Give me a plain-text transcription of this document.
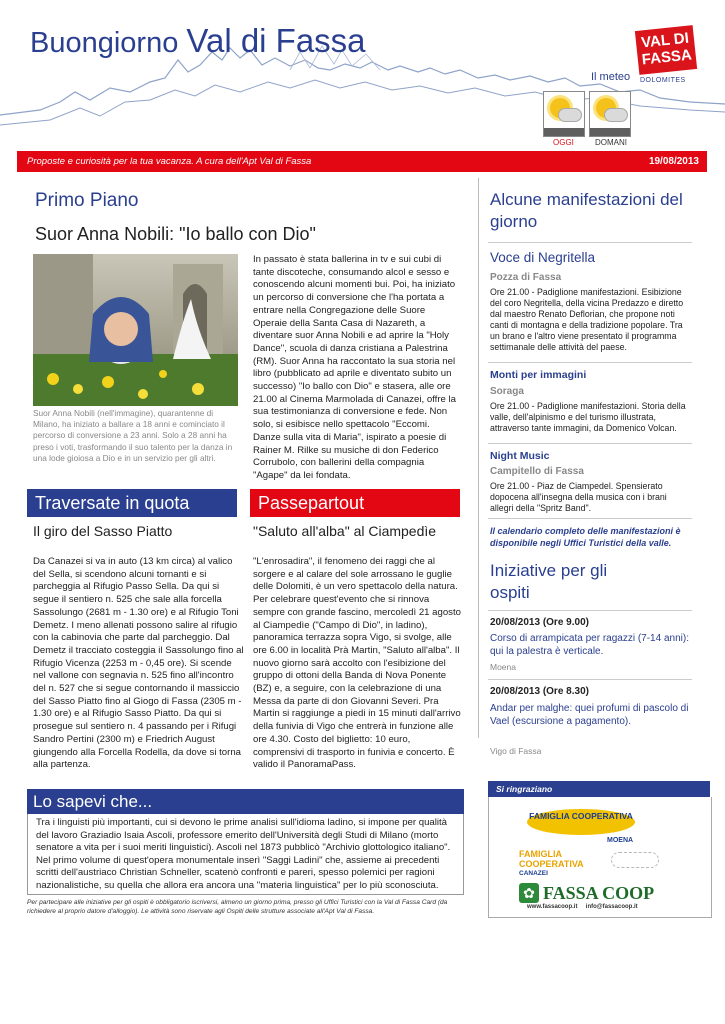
Buongiorno Val di Fassa	VAL DI
FASSA
DOLOMITES
Il meteo
OGGI	DOMANI
Proposte e curiosità per la tua vacanza. A cura dell'Apt Val di Fassa	19/08/2013
Primo Piano
Suor Anna Nobili: "Io ballo con Dio"
Suor Anna Nobili (nell'immagine), quarantenne di Milano, ha iniziato a ballare a 18 anni e cominciato il percorso di conversione a 23 anni. Solo a 28 anni ha preso i voti, trasformando il suo talento per la danza in una lode gioiosa a Dio e in un servizio per gli altri.
In passato è stata ballerina in tv e sui cubi di tante discoteche, consumando alcol e sesso e conoscendo alcuni momenti bui. Poi, ha iniziato un percorso di conversione che l'ha portata a entrare nella Congregazione delle Suore Operaie della Santa Casa di Nazareth, a diventare suor Anna Nobili e ad aprire la "Holy Dance", scuola di danza cristiana a Palestrina (RM). Suor Anna ha raccontato la sua storia nel libro (pubblicato ad aprile e diventato subito un successo) "Io ballo con Dio" e stasera, alle ore 21.00 al Cinema Marmolada di Canazei, offre la sua testimonianza di conversione e fede. Non solo, si esibisce nello spettacolo "Eccomi. Danze sulla vita di Maria", ispirato a poesie di Rainer M. Rilke su musiche di don Federico Corrubolo, con ballerini della compagnia "Agape" da lei fondata.
Traversate in quota	Passepartout
Il giro del Sasso Piatto	"Saluto all'alba" al Ciampedìe
Da Canazei si va in auto (13 km circa) al valico del Sella, si scendono alcuni tornanti e si parcheggia al Rifugio Passo Sella. Da qui si segue il sentiero n. 525 che sale alla forcella Sassolungo (2681 m - 1.30 ore) e al Rifugio Toni Demetz. I meno allenati possono salire al rifugio con la cabinovia che parte dal parcheggio. Dal Demetz il tracciato costeggia il Sassolungo fino al Rifugio Vicenza (2253 m - 0,45 ore). Si scende nel vallone con segnavia n. 525 fino all'incontro del n. 527 che si segue contornando il massiccio del Sasso Piatto fino al Giogo di Fassa (2305 m - 1.30 ore) e al Rifugio Sasso Piatto. Da qui si prosegue sul sentiero n. 4 passando per i Rifugi Sandro Pertini (2300 m) e Friedrich August giungendo alla Forcella Rodella, da dove si torna alla partenza.
"L'enrosadira", il fenomeno dei raggi che al sorgere e al calare del sole arrossano le guglie delle Dolomiti, è un vero spettacolo della natura. Per celebrare quest'evento che si rinnova sempre con grande fascino, mercoledì 21 agosto al Ciampedìe ("Campo di Dio", in ladino), panoramica terrazza sopra Vigo, si svolge, alle ore 6.00 in località Prà Martin, "Saluto all'alba". Il nuovo giorno sarà accolto con l'esibizione del gruppo di ottoni della Banda di Nova Ponente (BZ) e, a seguire, con la celebrazione di una Messa da parte di don Giovanni Severi. Pra Martin si raggiunge a piedi in 15 minuti dall'arrivo della funivia di Vigo che entrerà in funzione alle ore 4.30. Costo del biglietto: 10 euro, comprensivi di trasporto in funivia e concerto. È valido il PanoramaPass.
Alcune manifestazioni del giorno
Voce di Negritella
Pozza di Fassa
Ore 21.00 - Padiglione manifestazioni. Esibizione del coro Negritella, della vicina Predazzo e diretto dal maestro Renato Deflorian, che propone noti canti di montagna e della tradizione popolare. Tra un brano e l'altro viene presentato il programma settimanale delle attività del paese.
Monti per immagini
Soraga
Ore 21.00 - Padiglione manifestazioni. Storia della valle, dell'alpinismo e del turismo illustrata, attraverso tante immagini, da Domenico Volcan.
Night Music
Campitello di Fassa
Ore 21.00 - Piaz de Ciampedel. Spensierato dopocena all'insegna della musica con i brani allegri della "Spritz Band".
Il calendario completo delle manifestazioni è disponibile negli Uffici Turistici della valle.
Iniziative per gli ospiti
20/08/2013 (Ore 9.00)
Corso di arrampicata per ragazzi (7-14 anni): qui la palestra è verticale.
Moena
20/08/2013 (Ore 8.30)
Andar per malghe: quei profumi di pascolo di Vael (escursione a pagamento).
Vigo di Fassa
Si ringraziano
FAMIGLIA COOPERATIVA
MOENA
FAMIGLIA COOPERATIVA
CANAZEI
✿ FASSA COOP
www.fassacoop.it     info@fassacoop.it
Lo sapevi che...
Tra i linguisti più importanti, cui si devono le prime analisi sull'idioma ladino, si impone per qualità del lavoro Graziadio Isaia Ascoli, professore emerito dell'Università degli Studi di Milano (morto senatore a vita per i suoi meriti linguistici). Ascoli nel 1873 pubblicò "Archivio glottologico italiano". Nel primo volume di quest'opera monumentale inserì "Saggi Ladini" che, assieme ai precedenti scritti dell'austriaco Christian Schneller, scatenò confronti e pareri, spesso polemici per ragioni nazionalistiche, su quella che allora era ancora una "materia linguistica" per lo più sconosciuta.
Per partecipare alle iniziative per gli ospiti è obbligatorio iscriversi, almeno un giorno prima, presso gli Uffici Turistici con la Val di Fassa Card (da richiedere al proprio datore d'alloggio). Le attività sono riservate agli Ospiti delle strutture associate all'Apt Val di Fassa.
